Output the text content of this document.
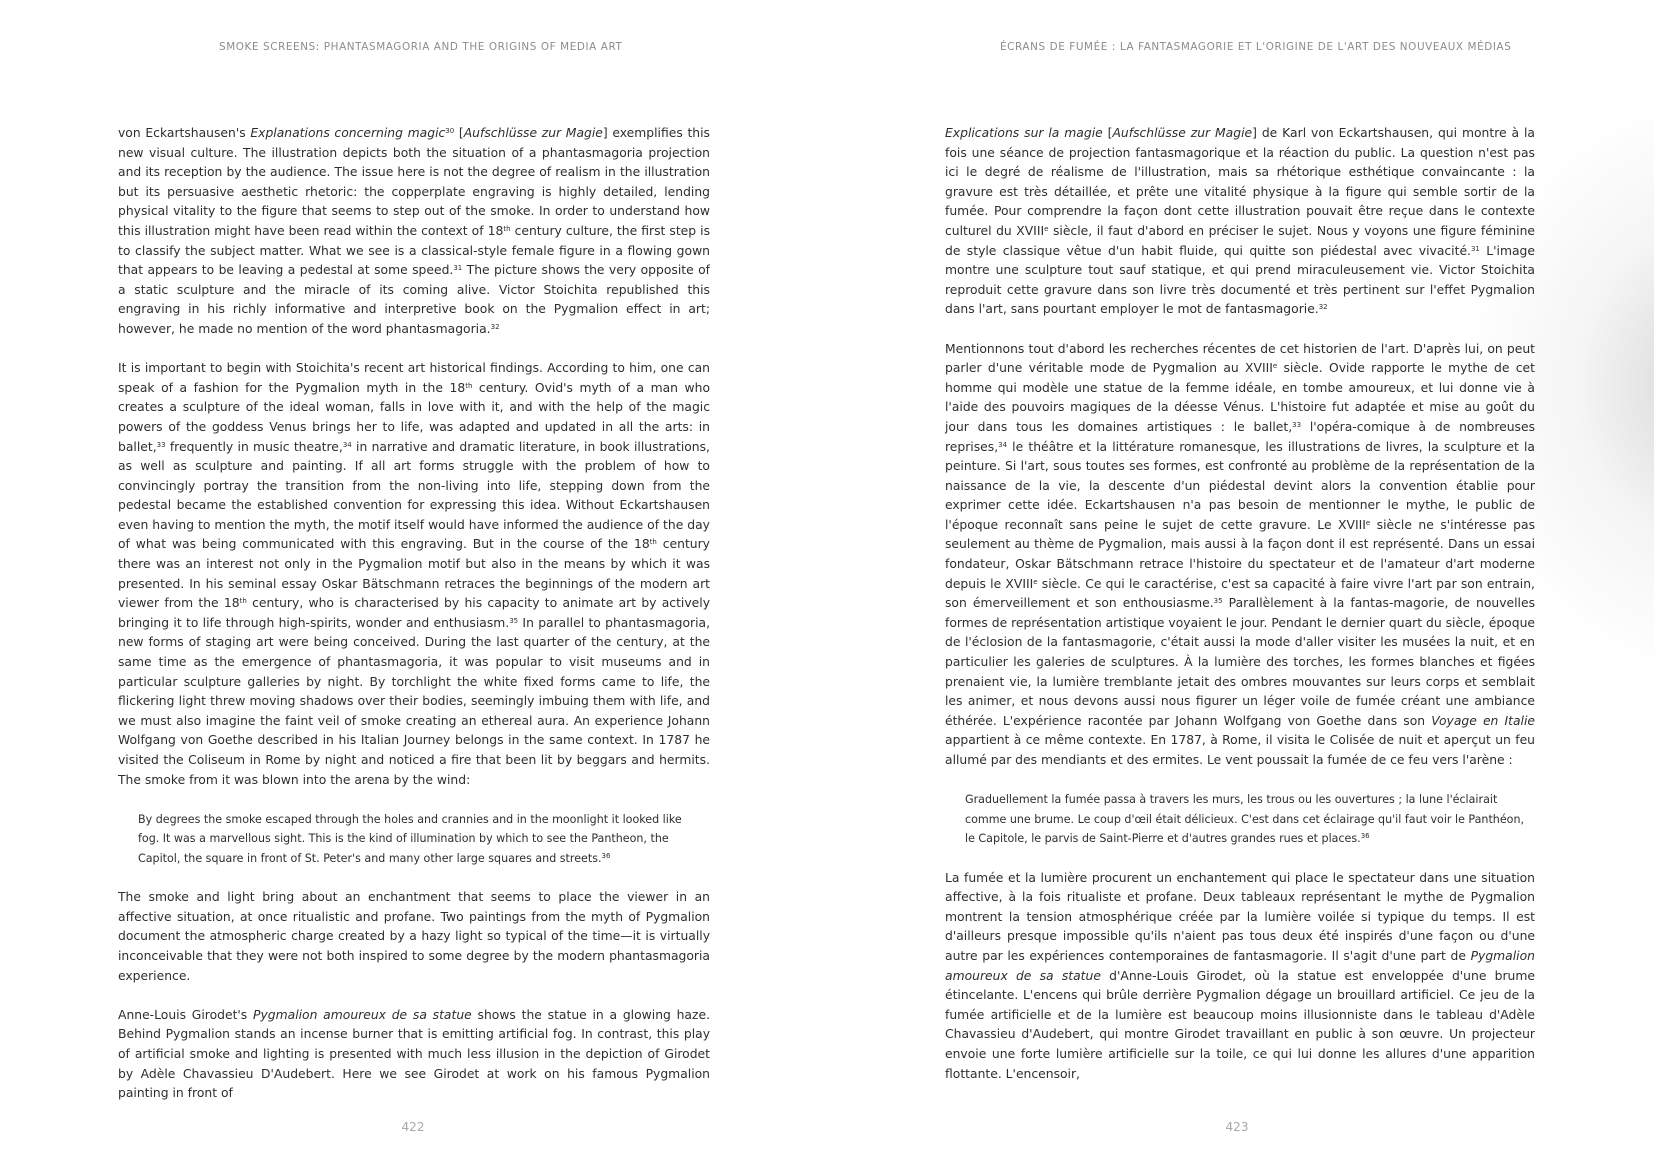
SMOKE SCREENS: PHANTASMAGORIA AND THE ORIGINS OF MEDIA ART

von Eckartshausen's Explanations concerning magic$^{30}$ [Aufschlüsse zur Magie] exemplifies this new visual culture. The illustration depicts both the situation of a phantasmagoria projection and its reception by the audience. The issue here is not the degree of realism in the illustration but its persuasive aesthetic rhetoric: the copperplate engraving is highly detailed, lending physical vitality to the figure that seems to step out of the smoke. In order to understand how this illustration might have been read within the context of 18th century culture, the first step is to classify the subject matter. What we see is a classical-style female figure in a flowing gown that appears to be leaving a pedestal at some speed.$^{31}$ The picture shows the very opposite of a static sculpture and the miracle of its coming alive. Victor Stoichita republished this engraving in his richly informative and interpretive book on the Pygmalion effect in art; however, he made no mention of the word phantasmagoria.$^{32}$

It is important to begin with Stoichita's recent art historical findings. According to him, one can speak of a fashion for the Pygmalion myth in the 18th century. Ovid's myth of a man who creates a sculpture of the ideal woman, falls in love with it, and with the help of the magic powers of the goddess Venus brings her to life, was adapted and updated in all the arts: in ballet,$^{33}$ frequently in music theatre,$^{34}$ in narrative and dramatic literature, in book illustrations, as well as sculpture and painting. If all art forms struggle with the problem of how to convincingly portray the transition from the non-living into life, stepping down from the pedestal became the established convention for expressing this idea. Without Eckartshausen even having to mention the myth, the motif itself would have informed the audience of the day of what was being communicated with this engraving. But in the course of the 18th century there was an interest not only in the Pygmalion motif but also in the means by which it was presented. In his seminal essay Oskar Bätschmann retraces the beginnings of the modern art viewer from the 18th century, who is characterised by his capacity to animate art by actively bringing it to life through high-spirits, wonder and enthusiasm.$^{35}$ In parallel to phantasmagoria, new forms of staging art were being conceived. During the last quarter of the century, at the same time as the emergence of phantasmagoria, it was popular to visit museums and in particular sculpture galleries by night. By torchlight the white fixed forms came to life, the flickering light threw moving shadows over their bodies, seemingly imbuing them with life, and we must also imagine the faint veil of smoke creating an ethereal aura. An experience Johann Wolfgang von Goethe described in his Italian Journey belongs in the same context. In 1787 he visited the Coliseum in Rome by night and noticed a fire that been lit by beggars and hermits. The smoke from it was blown into the arena by the wind:

By degrees the smoke escaped through the holes and crannies and in the moonlight it looked like fog. It was a marvellous sight. This is the kind of illumination by which to see the Pantheon, the Capitol, the square in front of St. Peter's and many other large squares and streets.$^{36}$

The smoke and light bring about an enchantment that seems to place the viewer in an affective situation, at once ritualistic and profane. Two paintings from the myth of Pygmalion document the atmospheric charge created by a hazy light so typical of the time—it is virtually inconceivable that they were not both inspired to some degree by the modern phantasmagoria experience.

Anne-Louis Girodet's Pygmalion amoureux de sa statue shows the statue in a glowing haze. Behind Pygmalion stands an incense burner that is emitting artificial fog. In contrast, this play of artificial smoke and lighting is presented with much less illusion in the depiction of Girodet by Adèle Chavassieu D'Audebert. Here we see Girodet at work on his famous Pygmalion painting in front of

422
ÉCRANS DE FUMÉE : LA FANTASMAGORIE ET L'ORIGINE DE L'ART DES NOUVEAUX MÉDIAS

Explications sur la magie [Aufschlüsse zur Magie] de Karl von Eckartshausen, qui montre à la fois une séance de projection fantasmagorique et la réaction du public. La question n'est pas ici le degré de réalisme de l'illustration, mais sa rhétorique esthétique convaincante : la gravure est très détaillée, et prête une vitalité physique à la figure qui semble sortir de la fumée. Pour comprendre la façon dont cette illustration pouvait être reçue dans le contexte culturel du XVIIIe siècle, il faut d'abord en préciser le sujet. Nous y voyons une figure féminine de style classique vêtue d'un habit fluide, qui quitte son piédestal avec vivacité.$^{31}$ L'image montre une sculpture tout sauf statique, et qui prend miraculeusement vie. Victor Stoichita reproduit cette gravure dans son livre très documenté et très pertinent sur l'effet Pygmalion dans l'art, sans pourtant employer le mot de fantasmagorie.$^{32}$

Mentionnons tout d'abord les recherches récentes de cet historien de l'art. D'après lui, on peut parler d'une véritable mode de Pygmalion au XVIIIe siècle. Ovide rapporte le mythe de cet homme qui modèle une statue de la femme idéale, en tombe amoureux, et lui donne vie à l'aide des pouvoirs magiques de la déesse Vénus. L'histoire fut adaptée et mise au goût du jour dans tous les domaines artistiques : le ballet,$^{33}$ l'opéra-comique à de nombreuses reprises,$^{34}$ le théâtre et la littérature romanesque, les illustrations de livres, la sculpture et la peinture. Si l'art, sous toutes ses formes, est confronté au problème de la représentation de la naissance de la vie, la descente d'un piédestal devint alors la convention établie pour exprimer cette idée. Eckartshausen n'a pas besoin de mentionner le mythe, le public de l'époque reconnaît sans peine le sujet de cette gravure. Le XVIIIe siècle ne s'intéresse pas seulement au thème de Pygmalion, mais aussi à la façon dont il est représenté. Dans un essai fondateur, Oskar Bätschmann retrace l'histoire du spectateur et de l'amateur d'art moderne depuis le XVIIIe siècle. Ce qui le caractérise, c'est sa capacité à faire vivre l'art par son entrain, son émerveillement et son enthousiasme.$^{35}$ Parallèlement à la fantas-magorie, de nouvelles formes de représentation artistique voyaient le jour. Pendant le dernier quart du siècle, époque de l'éclosion de la fantasmagorie, c'était aussi la mode d'aller visiter les musées la nuit, et en particulier les galeries de sculptures. À la lumière des torches, les formes blanches et figées prenaient vie, la lumière tremblante jetait des ombres mouvantes sur leurs corps et semblait les animer, et nous devons aussi nous figurer un léger voile de fumée créant une ambiance éthérée. L'expérience racontée par Johann Wolfgang von Goethe dans son Voyage en Italie appartient à ce même contexte. En 1787, à Rome, il visita le Colisée de nuit et aperçut un feu allumé par des mendiants et des ermites. Le vent poussait la fumée de ce feu vers l'arène :

Graduellement la fumée passa à travers les murs, les trous ou les ouvertures ; la lune l'éclairait comme une brume. Le coup d'œil était délicieux. C'est dans cet éclairage qu'il faut voir le Panthéon, le Capitole, le parvis de Saint-Pierre et d'autres grandes rues et places.$^{36}$

La fumée et la lumière procurent un enchantement qui place le spectateur dans une situation affective, à la fois ritualiste et profane. Deux tableaux représentant le mythe de Pygmalion montrent la tension atmosphérique créée par la lumière voilée si typique du temps. Il est d'ailleurs presque impossible qu'ils n'aient pas tous deux été inspirés d'une façon ou d'une autre par les expériences contemporaines de fantasmagorie. Il s'agit d'une part de Pygmalion amoureux de sa statue d'Anne-Louis Girodet, où la statue est enveloppée d'une brume étincelante. L'encens qui brûle derrière Pygmalion dégage un brouillard artificiel. Ce jeu de la fumée artificielle et de la lumière est beaucoup moins illusionniste dans le tableau d'Adèle Chavassieu d'Audebert, qui montre Girodet travaillant en public à son œuvre. Un projecteur envoie une forte lumière artificielle sur la toile, ce qui lui donne les allures d'une apparition flottante. L'encensoir,

423
